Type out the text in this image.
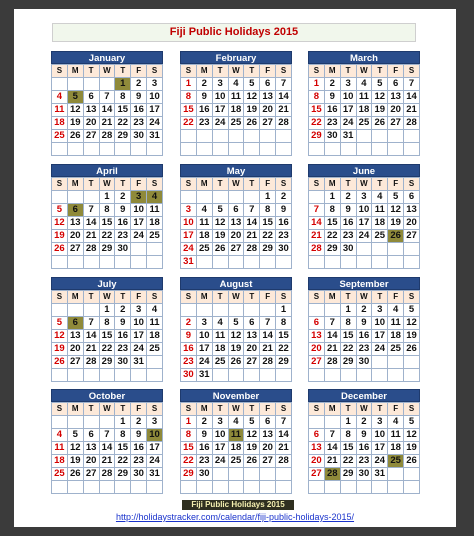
Fiji Public Holidays 2015
January
S	M	T	W	T	F	S
				1	2	3
4	5	6	7	8	9	10
11	12	13	14	15	16	17
18	19	20	21	22	23	24
25	26	27	28	29	30	31

February
S	M	T	W	T	F	S
1	2	3	4	5	6	7
8	9	10	11	12	13	14
15	16	17	18	19	20	21
22	23	24	25	26	27	28

March
S	M	T	W	T	F	S
1	2	3	4	5	6	7
8	9	10	11	12	13	14
15	16	17	18	19	20	21
22	23	24	25	26	27	28
29	30	31				

April
S	M	T	W	T	F	S
			1	2	3	4
5	6	7	8	9	10	11
12	13	14	15	16	17	18
19	20	21	22	23	24	25
26	27	28	29	30		

May
S	M	T	W	T	F	S
					1	2
3	4	5	6	7	8	9
10	11	12	13	14	15	16
17	18	19	20	21	22	23
24	25	26	27	28	29	30
31						
June
S	M	T	W	T	F	S
	1	2	3	4	5	6
7	8	9	10	11	12	13
14	15	16	17	18	19	20
21	22	23	24	25	26	27
28	29	30				

July
S	M	T	W	T	F	S
			1	2	3	4
5	6	7	8	9	10	11
12	13	14	15	16	17	18
19	20	21	22	23	24	25
26	27	28	29	30	31	

August
S	M	T	W	T	F	S
						1
2	3	4	5	6	7	8
9	10	11	12	13	14	15
16	17	18	19	20	21	22
23	24	25	26	27	28	29
30	31					
September
S	M	T	W	T	F	S
		1	2	3	4	5
6	7	8	9	10	11	12
13	14	15	16	17	18	19
20	21	22	23	24	25	26
27	28	29	30			

October
S	M	T	W	T	F	S
				1	2	3
4	5	6	7	8	9	10
11	12	13	14	15	16	17
18	19	20	21	22	23	24
25	26	27	28	29	30	31

November
S	M	T	W	T	F	S
1	2	3	4	5	6	7
8	9	10	11	12	13	14
15	16	17	18	19	20	21
22	23	24	25	26	27	28
29	30					

December
S	M	T	W	T	F	S
		1	2	3	4	5
6	7	8	9	10	11	12
13	14	15	16	17	18	19
20	21	22	23	24	25	26
27	28	29	30	31		

Fiji Public Holidays 2015
http://holidaystracker.com/calendar/fiji-public-holidays-2015/
